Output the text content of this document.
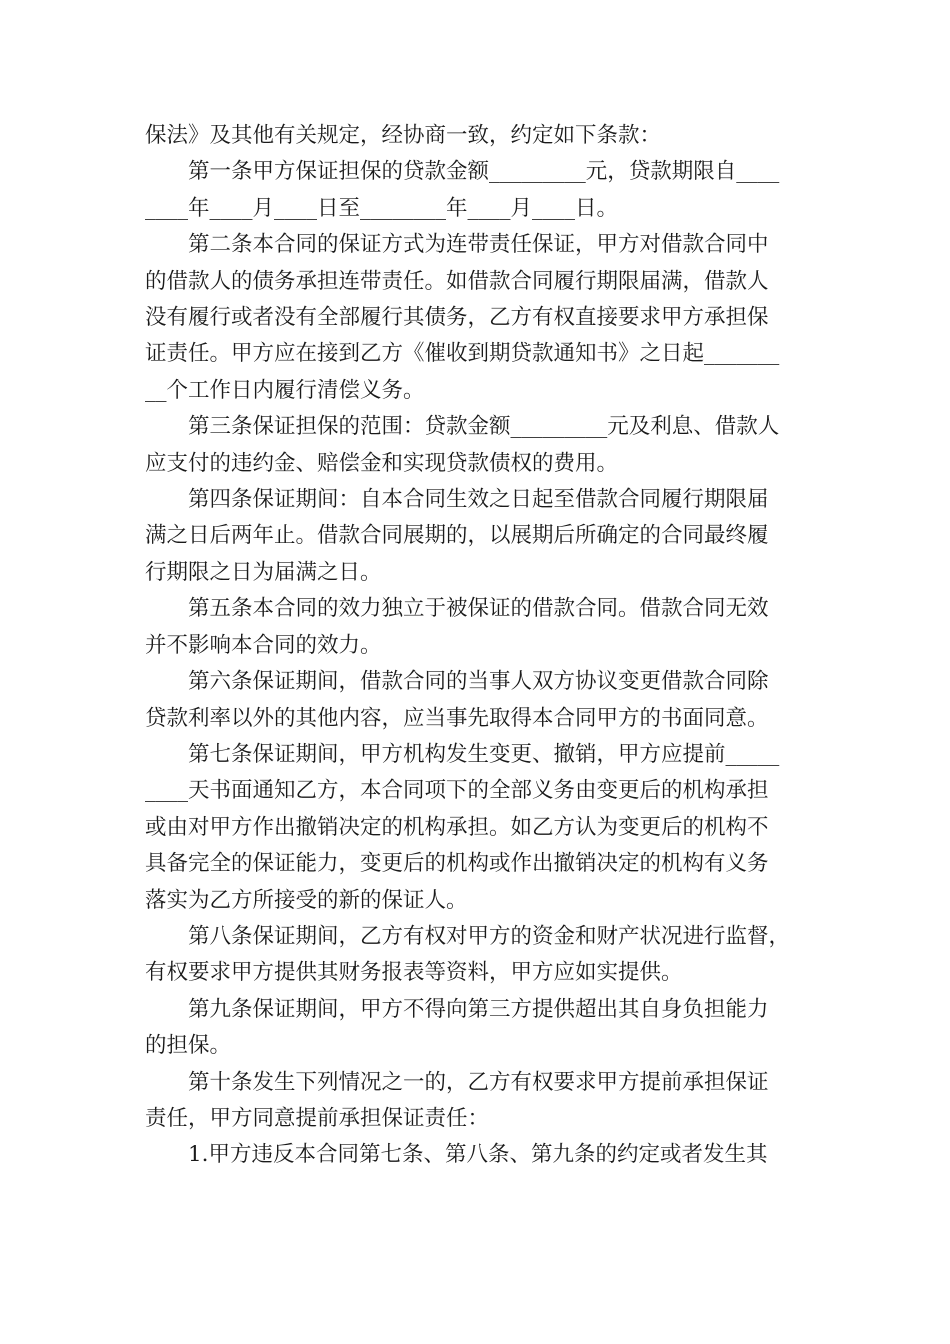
保法》及其他有关规定，经协商一致，约定如下条款：

第一条甲方保证担保的贷款金额_________元，贷款期限自____
____年____月____日至________年____月____日。

第二条本合同的保证方式为连带责任保证，甲方对借款合同中
的借款人的债务承担连带责任。如借款合同履行期限届满，借款人
没有履行或者没有全部履行其债务，乙方有权直接要求甲方承担保
证责任。甲方应在接到乙方《催收到期贷款通知书》之日起_______
__个工作日内履行清偿义务。

第三条保证担保的范围：贷款金额_________元及利息、借款人
应支付的违约金、赔偿金和实现贷款债权的费用。

第四条保证期间：自本合同生效之日起至借款合同履行期限届
满之日后两年止。借款合同展期的，以展期后所确定的合同最终履
行期限之日为届满之日。

第五条本合同的效力独立于被保证的借款合同。借款合同无效
并不影响本合同的效力。

第六条保证期间，借款合同的当事人双方协议变更借款合同除
贷款利率以外的其他内容，应当事先取得本合同甲方的书面同意。

第七条保证期间，甲方机构发生变更、撤销，甲方应提前_____
____天书面通知乙方，本合同项下的全部义务由变更后的机构承担
或由对甲方作出撤销决定的机构承担。如乙方认为变更后的机构不
具备完全的保证能力，变更后的机构或作出撤销决定的机构有义务
落实为乙方所接受的新的保证人。

第八条保证期间，乙方有权对甲方的资金和财产状况进行监督，
有权要求甲方提供其财务报表等资料，甲方应如实提供。

第九条保证期间，甲方不得向第三方提供超出其自身负担能力
的担保。

第十条发生下列情况之一的，乙方有权要求甲方提前承担保证
责任，甲方同意提前承担保证责任：

1.甲方违反本合同第七条、第八条、第九条的约定或者发生其
